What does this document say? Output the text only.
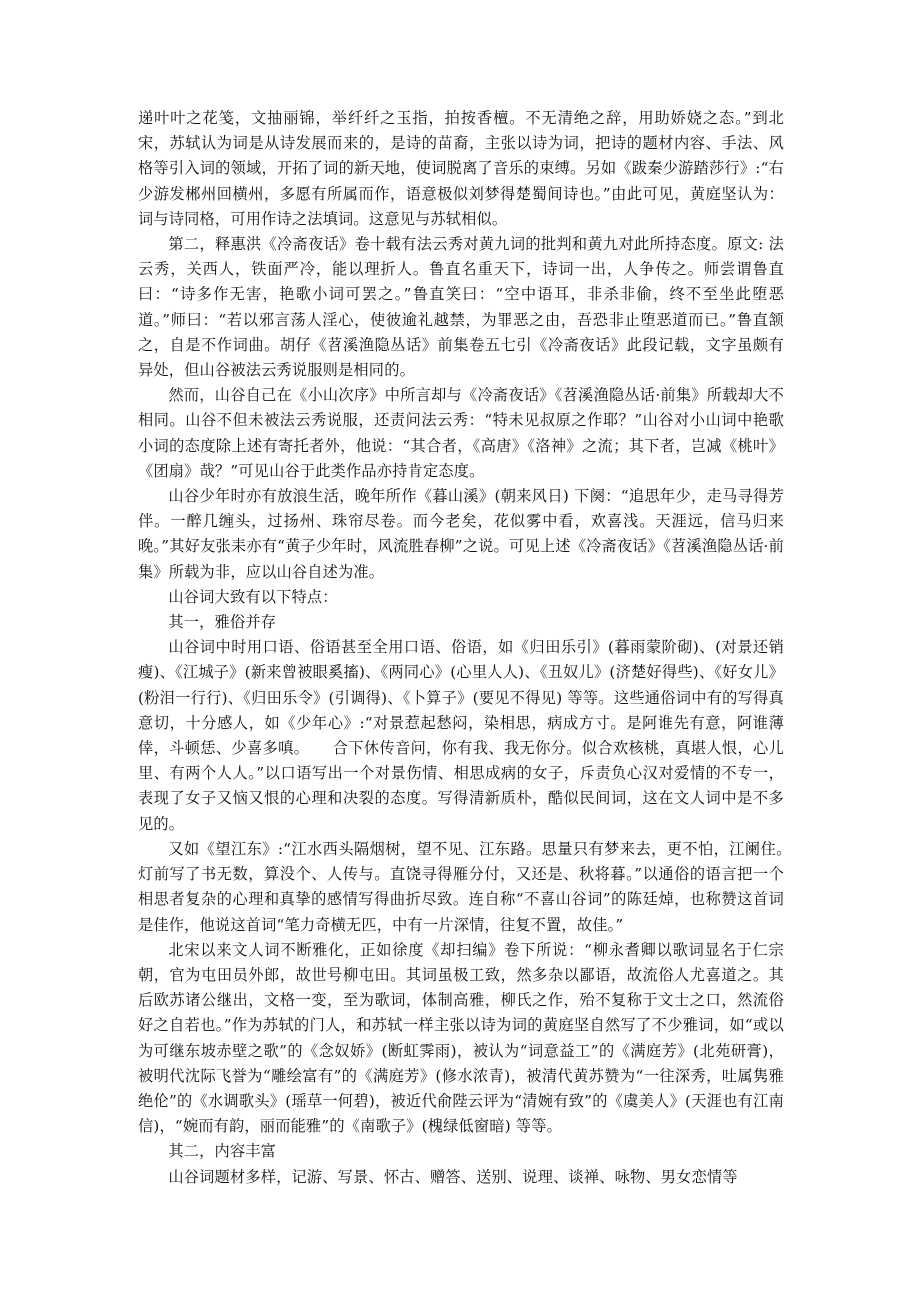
递叶叶之花笺，文抽丽锦，举纤纤之玉指，拍按香檀。不无清绝之辞，用助娇娆之态。”到北宋，苏轼认为词是从诗发展而来的，是诗的苗裔，主张以诗为词，把诗的题材内容、手法、风格等引入词的领域，开拓了词的新天地，使词脱离了音乐的束缚。另如《跋秦少游踏莎行》:“右少游发郴州回横州，多愿有所属而作，语意极似刘梦得楚蜀间诗也。”由此可见，黄庭坚认为：词与诗同格，可用作诗之法填词。这意见与苏轼相似。

第二，释惠洪《冷斋夜话》卷十载有法云秀对黄九词的批判和黄九对此所持态度。原文: 法云秀，关西人，铁面严冷，能以理折人。鲁直名重天下，诗词一出，人争传之。师尝谓鲁直曰：“诗多作无害，艳歌小词可罢之。”鲁直笑曰：“空中语耳，非杀非偷，终不至坐此堕恶道。”师曰：“若以邪言荡人淫心，使彼逾礼越禁，为罪恶之由，吾恐非止堕恶道而已。”鲁直颔之，自是不作词曲。胡仔《苕溪渔隐丛话》前集卷五七引《冷斋夜话》此段记载，文字虽颇有异处，但山谷被法云秀说服则是相同的。

然而，山谷自己在《小山次序》中所言却与《冷斋夜话》《苕溪渔隐丛话·前集》所载却大不相同。山谷不但未被法云秀说服，还责问法云秀：“特未见叔原之作耶？”山谷对小山词中艳歌小词的态度除上述有寄托者外，他说：“其合者，《高唐》《洛神》之流；其下者，岂减《桃叶》《团扇》哉？”可见山谷于此类作品亦持肯定态度。

山谷少年时亦有放浪生活，晚年所作《暮山溪》(朝来风日) 下阕：“追思年少，走马寻得芳伴。一醉几缠头，过扬州、珠帘尽卷。而今老矣，花似雾中看，欢喜浅。天涯远，信马归来晚。”其好友张耒亦有“黄子少年时，风流胜春柳”之说。可见上述《冷斋夜话》《苕溪渔隐丛话·前集》所载为非，应以山谷自述为准。

山谷词大致有以下特点：

其一，雅俗并存

山谷词中时用口语、俗语甚至全用口语、俗语，如《归田乐引》(暮雨蒙阶砌)、(对景还销瘦)、《江城子》(新来曾被眼奚搐)、《两同心》(心里人人)、《丑奴儿》(济楚好得些)、《好女儿》(粉泪一行行)、《归田乐令》(引调得)、《卜算子》(要见不得见) 等等。这些通俗词中有的写得真意切，十分感人，如《少年心》:“对景惹起愁闷，染相思，病成方寸。是阿谁先有意，阿谁薄倖，斗顿恁、少喜多嗔。　　合下休传音问，你有我、我无你分。似合欢核桃，真堪人恨，心儿里、有两个人人。”以口语写出一个对景伤情、相思成病的女子，斥责负心汉对爱情的不专一，表现了女子又恼又恨的心理和决裂的态度。写得清新质朴，酷似民间词，这在文人词中是不多见的。

又如《望江东》:“江水西头隔烟树，望不见、江东路。思量只有梦来去，更不怕，江阑住。　　灯前写了书无数，算没个、人传与。直饶寻得雁分付，又还是、秋将暮。”以通俗的语言把一个相思者复杂的心理和真挚的感情写得曲折尽致。连自称“不喜山谷词”的陈廷焯，也称赞这首词是佳作，他说这首词“笔力奇横无匹，中有一片深情，往复不置，故佳。”

北宋以来文人词不断雅化，正如徐度《却扫编》卷下所说：“柳永耆卿以歌词显名于仁宗朝，官为屯田员外郎，故世号柳屯田。其词虽极工致，然多杂以鄙语，故流俗人尤喜道之。其后欧苏诸公继出，文格一变，至为歌词，体制高雅，柳氏之作，殆不复称于文士之口，然流俗好之自若也。”作为苏轼的门人，和苏轼一样主张以诗为词的黄庭坚自然写了不少雅词，如“或以为可继东坡赤壁之歌”的《念奴娇》(断虹霁雨)，被认为“词意益工”的《满庭芳》(北苑研膏)，被明代沈际飞誉为“雕绘富有”的《满庭芳》(修水浓青)，被清代黄苏赞为“一往深秀，吐属隽雅绝伦”的《水调歌头》(瑶草一何碧)，被近代俞陛云评为“清婉有致”的《虞美人》(天涯也有江南信)，“婉而有韵，丽而能雅”的《南歌子》(槐绿低窗暗) 等等。

其二，内容丰富

山谷词题材多样，记游、写景、怀古、赠答、送别、说理、谈禅、咏物、男女恋情等
